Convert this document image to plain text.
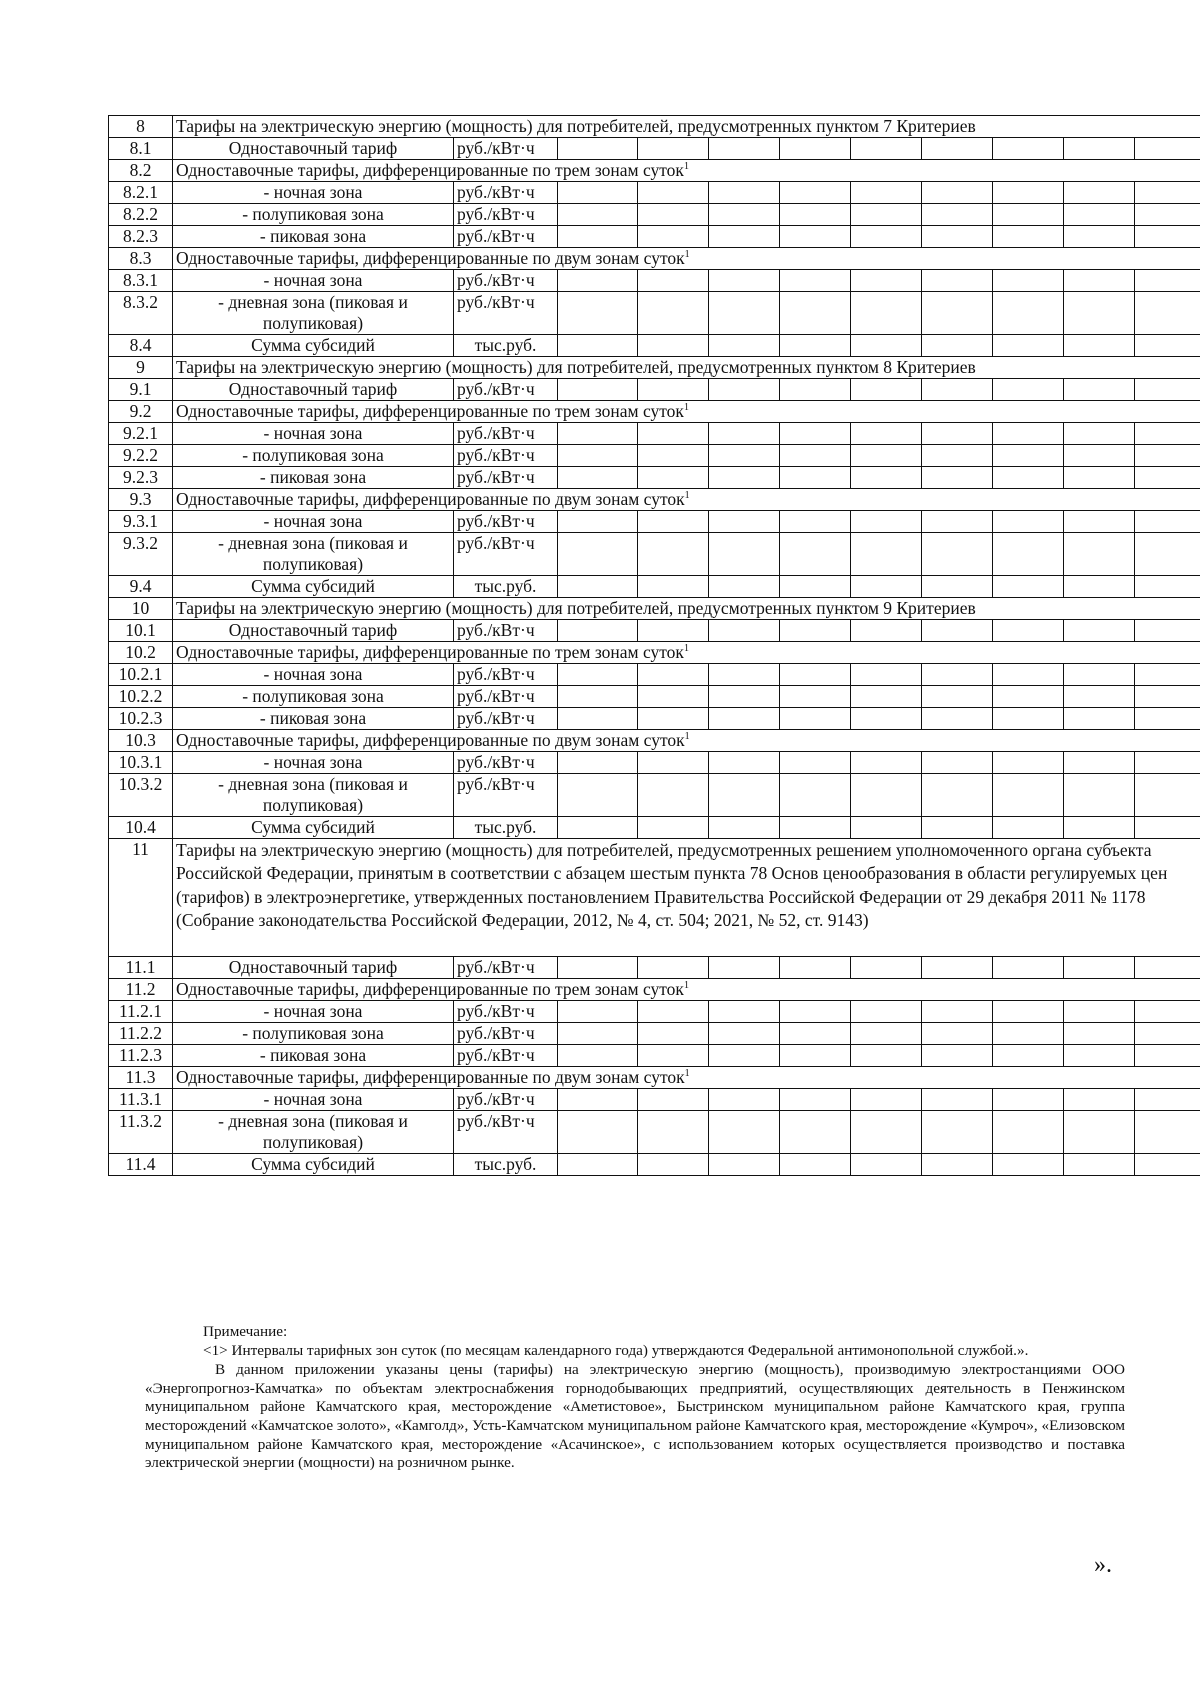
8	Тарифы на электрическую энергию (мощность) для потребителей, предусмотренных пунктом 7 Критериев										
8.1	Одноставочный тариф	руб./кВт·ч									
8.2	Одноставочные тарифы, дифференцированные по трем зонам суток$^1$
8.2.1	- ночная зона	руб./кВт·ч									
8.2.2	- полупиковая зона	руб./кВт·ч									
8.2.3	- пиковая зона	руб./кВт·ч									
8.3	Одноставочные тарифы, дифференцированные по двум зонам суток$^1$
8.3.1	- ночная зона	руб./кВт·ч									
8.3.2	- дневная зона (пиковая и полупиковая)	руб./кВт·ч									
8.4	Сумма субсидий	тыс.руб.									
9	Тарифы на электрическую энергию (мощность) для потребителей, предусмотренных пунктом 8 Критериев										
9.1	Одноставочный тариф	руб./кВт·ч									
9.2	Одноставочные тарифы, дифференцированные по трем зонам суток$^1$
9.2.1	- ночная зона	руб./кВт·ч									
9.2.2	- полупиковая зона	руб./кВт·ч									
9.2.3	- пиковая зона	руб./кВт·ч									
9.3	Одноставочные тарифы, дифференцированные по двум зонам суток$^1$
9.3.1	- ночная зона	руб./кВт·ч									
9.3.2	- дневная зона (пиковая и полупиковая)	руб./кВт·ч									
9.4	Сумма субсидий	тыс.руб.									
10	Тарифы на электрическую энергию (мощность) для потребителей, предусмотренных пунктом 9 Критериев										
10.1	Одноставочный тариф	руб./кВт·ч									
10.2	Одноставочные тарифы, дифференцированные по трем зонам суток$^1$
10.2.1	- ночная зона	руб./кВт·ч									
10.2.2	- полупиковая зона	руб./кВт·ч									
10.2.3	- пиковая зона	руб./кВт·ч									
10.3	Одноставочные тарифы, дифференцированные по двум зонам суток$^1$
10.3.1	- ночная зона	руб./кВт·ч									
10.3.2	- дневная зона (пиковая и полупиковая)	руб./кВт·ч									
10.4	Сумма субсидий	тыс.руб.									
11	Тарифы на электрическую энергию (мощность) для потребителей, предусмотренных решением уполномоченного органа субъекта Российской Федерации, принятым в соответствии с абзацем шестым пункта 78 Основ ценообразования в области регулируемых цен (тарифов) в электроэнергетике, утвержденных постановлением Правительства Российской Федерации от 29 декабря 2011 № 1178 (Собрание законодательства Российской Федерации, 2012, № 4, ст. 504; 2021, № 52, ст. 9143)										
11.1	Одноставочный тариф	руб./кВт·ч									
11.2	Одноставочные тарифы, дифференцированные по трем зонам суток$^1$
11.2.1	- ночная зона	руб./кВт·ч									
11.2.2	- полупиковая зона	руб./кВт·ч									
11.2.3	- пиковая зона	руб./кВт·ч									
11.3	Одноставочные тарифы, дифференцированные по двум зонам суток$^1$
11.3.1	- ночная зона	руб./кВт·ч									
11.3.2	- дневная зона (пиковая и полупиковая)	руб./кВт·ч									
11.4	Сумма субсидий	тыс.руб.									

Примечание:

<1> Интервалы тарифных зон суток (по месяцам календарного года) утверждаются Федеральной антимонопольной службой.».

В данном приложении указаны цены (тарифы) на электрическую энергию (мощность), производимую электростанциями ООО «Энергопрогноз-Камчатка» по объектам электроснабжения горнодобывающих предприятий, осуществляющих деятельность в Пенжинском муниципальном районе Камчатского края, месторождение «Аметистовое», Быстринском муниципальном районе Камчатского края, группа месторождений «Камчатское золото», «Камголд», Усть-Камчатском муниципальном районе Камчатского края, месторождение «Кумроч», «Елизовском муниципальном районе Камчатского края, месторождение «Асачинское», с использованием которых осуществляется производство и поставка электрической энергии (мощности) на розничном рынке.

».
